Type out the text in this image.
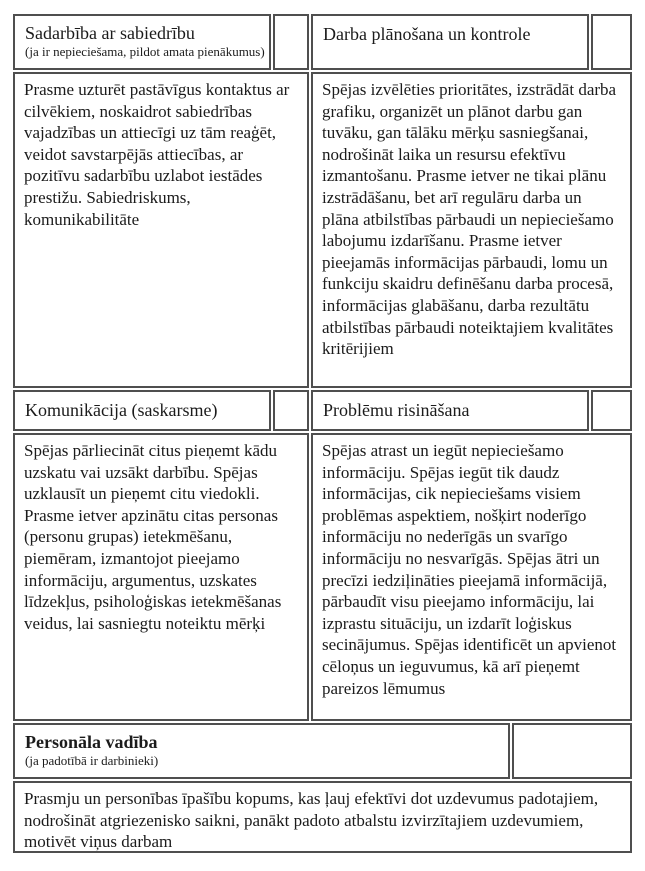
Sadarbība ar sabiedrību
(ja ir nepieciešama, pildot amata pienākumus)
Darba plānošana un kontrole
Prasme uzturēt pastāvīgus kontaktus ar cilvēkiem, noskaidrot sabiedrības vajadzības un attiecīgi uz tām reaģēt, veidot savstarpējās attiecības, ar pozitīvu sadarbību uzlabot iestādes prestižu. Sabiedriskums, komunikabilitāte
Spējas izvēlēties prioritātes, izstrādāt darba grafiku, organizēt un plānot darbu gan tuvāku, gan tālāku mērķu sasniegšanai, nodrošināt laika un resursu efektīvu izmantošanu. Prasme ietver ne tikai plānu izstrādāšanu, bet arī regulāru darba un plāna atbilstības pārbaudi un nepieciešamo labojumu izdarīšanu. Prasme ietver pieejamās informācijas pārbaudi, lomu un funkciju skaidru definēšanu darba procesā, informācijas glabāšanu, darba rezultātu atbilstības pārbaudi noteiktajiem kvalitātes kritērijiem
Komunikācija (saskarsme)	Problēmu risināšana
Spējas pārliecināt citus pieņemt kādu uzskatu vai uzsākt darbību. Spējas uzklausīt un pieņemt citu viedokli. Prasme ietver apzinātu citas personas (personu grupas) ietekmēšanu, piemēram, izmantojot pieejamo informāciju, argumentus, uzskates līdzekļus, psiholoģiskas ietekmēšanas veidus, lai sasniegtu noteiktu mērķi
Spējas atrast un iegūt nepieciešamo informāciju. Spējas iegūt tik daudz informācijas, cik nepieciešams visiem problēmas aspektiem, nošķirt noderīgo informāciju no nederīgās un svarīgo informāciju no nesvarīgās. Spējas ātri un precīzi iedziļināties pieejamā informācijā, pārbaudīt visu pieejamo informāciju, lai izprastu situāciju, un izdarīt loģiskus secinājumus. Spējas identificēt un apvienot cēloņus un ieguvumus, kā arī pieņemt pareizos lēmumus
Personāla vadība
(ja padotībā ir darbinieki)
Prasmju un personības īpašību kopums, kas ļauj efektīvi dot uzdevumus padotajiem, nodrošināt atgriezenisko saikni, panākt padoto atbalstu izvirzītajiem uzdevumiem, motivēt viņus darbam
